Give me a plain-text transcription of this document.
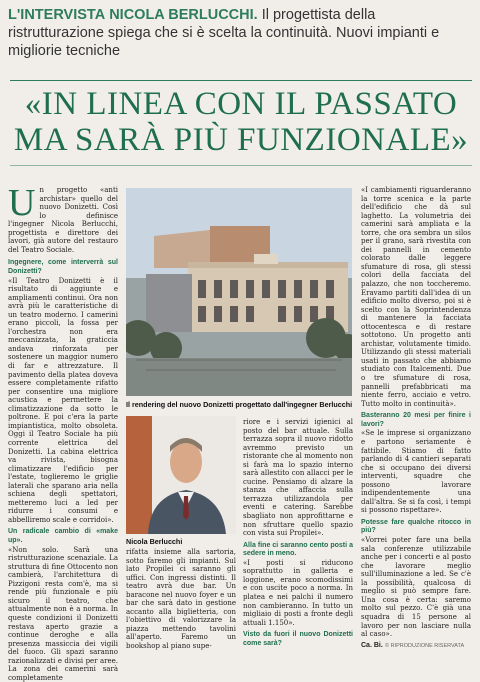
L'INTERVISTA NICOLA BERLUCCHI. Il progettista della ristrutturazione spiega che si è scelta la continuità. Nuovi impianti e migliorie tecniche
«IN LINEA CON IL PASSATO MA SARÀ PIÙ FUNZIONALE»
U n progetto «anti archistar» quello del nuovo Donizetti. Così lo definisce l'ingegner Nicola Berlucchi, progettista e direttore dei lavori, già autore del restauro del Teatro Sociale.

Ingegnere, come interverrà sul Donizetti?

«Il Teatro Donizetti è il risultato di aggiunte e ampliamenti continui. Ora non avrà più le caratteristiche di un teatro moderno. I camerini erano piccoli, la fossa per l'orchestra non era meccanizzata, la graticcia andava rinforzata per sostenere un maggior numero di far e attrezzature. Il pavimento della platea doveva essere completamente rifatto per consentire una migliore acustica e permettere la climatizzazione da sotto le poltrone. E poi c'era la parte impiantistica, molto obsoleta. Oggi il Teatro Sociale ha più corrente elettrica del Donizetti. La cabina elettrica va rivista, bisogna climatizzare l'edificio per l'estate, toglieremo le griglie laterali che sparano aria nella schiena degli spettatori, metteremo luci a led per ridurre i consumi e abbelliremo scale e corridoi».

Un radicale cambio di «make up».

«Non solo. Sarà una ristrutturazione scenaziale. La struttura di fine Ottocento non cambierà, l'architettura di Pizzigoni resta com'è, ma si rende più funzionale e più sicuro il teatro, che attualmente non è a norma. In queste condizioni il Donizetti restava aperto grazie a continue deroghe e alla presenza massiccia dei vigili del fuoco. Gli spazi saranno razionalizzati e divisi per aree. La zona dei camerini sarà completamente

Il rendering del nuovo Donizetti progettato dall'ingegner Berlucchi

«I cambiamenti riguarderanno la torre scenica e la parte dell'edificio che dà sul laghetto. La volumetria dei camerini sarà ampliata e la torre, che ora sembra un silos per il grano, sarà rivestita con dei pannelli in cemento colorato dalle leggere sfumature di rosa, gli stessi colori della facciata del palazzo, che non toccheremo. Eravamo partiti dall'idea di un edificio molto diverso, poi si è scelto con la Soprintendenza di mantenere la facciata ottocentesca e di restare sottotono. Un progetto anti archistar, volutamente timido. Utilizzando gli stessi materiali usati in passato che abbiamo studiato con Italcementi. Due o tre sfumature di rosa, pannelli prefabbricati ma niente ferro, acciaio e vetro. Tutto molto in continuità».

Basteranno 20 mesi per finire i lavori?

«Se le imprese si organizzano e partono seriamente è fattibile. Stiamo di fatto parlando di 4 cantieri separati che si occupano dei diversi interventi, squadre che possono lavorare indipendentemente una dall'altra. Se si fa così, i tempi si possono rispettare».

Potesse fare qualche ritocco in più?

«Vorrei poter fare una bella sala conferenze utilizzabile anche per i concerti e al posto che lavorare meglio sull'illuminazione a led. Se c'è la possibilità, qualcosa di meglio si può sempre fare. Una cosa è certa: saremo molto sul pezzo. C'è già una squadra di 15 persone al lavoro per non lasciare nulla al caso».

Ca. Bi. © RIPRODUZIONE RISERVATA

Nicola Berlucchi

rifatta insieme alla sartoria, sotto faremo gli impianti. Sul lato Propilei ci saranno gli uffici. Con ingressi distinti. Il teatro avrà due bar. Un baracone nel nuovo foyer e un bar che sarà dato in gestione accanto alla biglietteria, con l'obiettivo di valorizzare la piazza mettendo tavolini all'aperto. Faremo un bookshop al piano supe-

riore e i servizi igienici al posto del bar attuale. Sulla terrazza sopra il nuovo ridotto avremmo previsto un ristorante che al momento non si farà ma lo spazio interno sarà allestito con allacci per le cucine. Pensiamo di alzare la stanza che affaccia sulla terrazza utilizzandola per eventi e catering. Sarebbe sbagliato non approfittarne e non sfruttare quello spazio con vista sui Propilei».

Alla fine ci saranno cento posti a sedere in meno.

«I posti si riducono soprattutto in galleria e loggione, erano scomodissimi e con uscite poco a norma. In platea e nei palchi il numero non cambieranno. In tutto un migliaio di posti a fronte degli attuali 1.150».

Visto da fuori il nuovo Donizetti come sarà?
